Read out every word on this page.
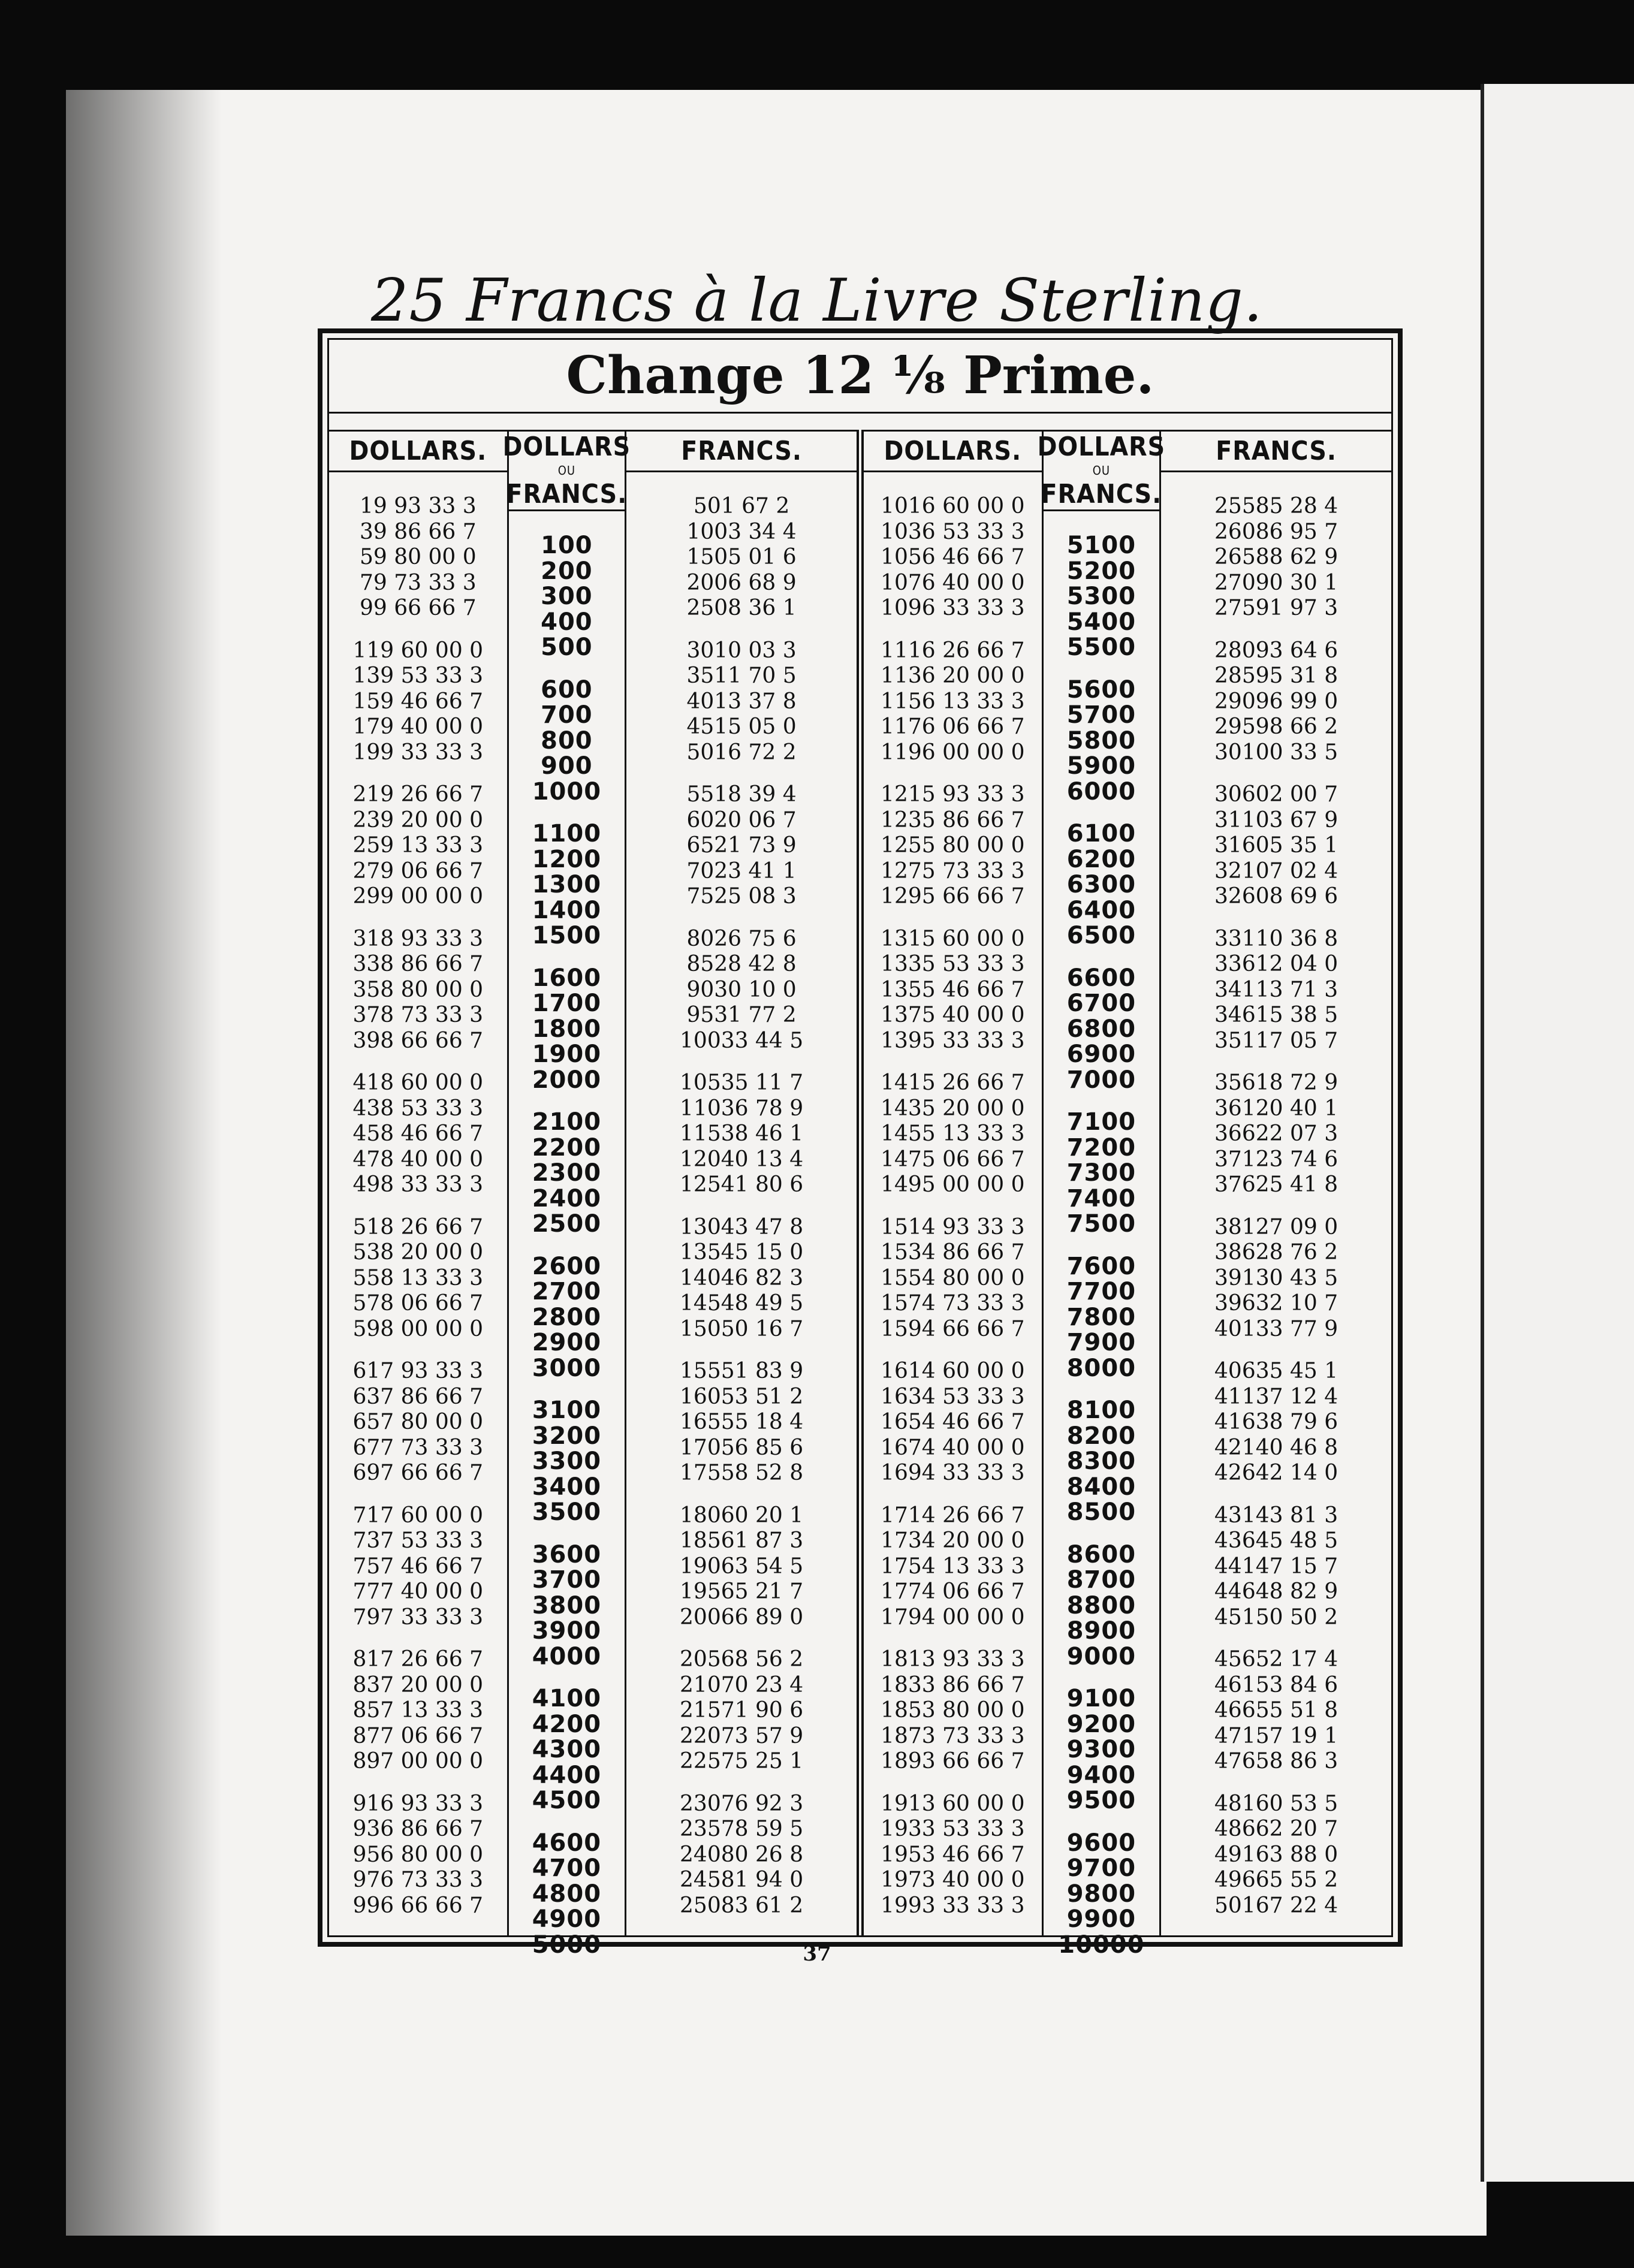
25 Francs à la Livre Sterling.
Change 12 ⅛ Prime.
DOLLARS.
19 93 33 3
39 86 66 7
59 80 00 0
79 73 33 3
99 66 66 7
119 60 00 0
139 53 33 3
159 46 66 7
179 40 00 0
199 33 33 3
219 26 66 7
239 20 00 0
259 13 33 3
279 06 66 7
299 00 00 0
318 93 33 3
338 86 66 7
358 80 00 0
378 73 33 3
398 66 66 7
418 60 00 0
438 53 33 3
458 46 66 7
478 40 00 0
498 33 33 3
518 26 66 7
538 20 00 0
558 13 33 3
578 06 66 7
598 00 00 0
617 93 33 3
637 86 66 7
657 80 00 0
677 73 33 3
697 66 66 7
717 60 00 0
737 53 33 3
757 46 66 7
777 40 00 0
797 33 33 3
817 26 66 7
837 20 00 0
857 13 33 3
877 06 66 7
897 00 00 0
916 93 33 3
936 86 66 7
956 80 00 0
976 73 33 3
996 66 66 7
DOLLARS
OU
FRANCS.
100
200
300
400
500
600
700
800
900
1000
1100
1200
1300
1400
1500
1600
1700
1800
1900
2000
2100
2200
2300
2400
2500
2600
2700
2800
2900
3000
3100
3200
3300
3400
3500
3600
3700
3800
3900
4000
4100
4200
4300
4400
4500
4600
4700
4800
4900
5000
FRANCS.
501 67 2
1003 34 4
1505 01 6
2006 68 9
2508 36 1
3010 03 3
3511 70 5
4013 37 8
4515 05 0
5016 72 2
5518 39 4
6020 06 7
6521 73 9
7023 41 1
7525 08 3
8026 75 6
8528 42 8
9030 10 0
9531 77 2
10033 44 5
10535 11 7
11036 78 9
11538 46 1
12040 13 4
12541 80 6
13043 47 8
13545 15 0
14046 82 3
14548 49 5
15050 16 7
15551 83 9
16053 51 2
16555 18 4
17056 85 6
17558 52 8
18060 20 1
18561 87 3
19063 54 5
19565 21 7
20066 89 0
20568 56 2
21070 23 4
21571 90 6
22073 57 9
22575 25 1
23076 92 3
23578 59 5
24080 26 8
24581 94 0
25083 61 2
DOLLARS.
1016 60 00 0
1036 53 33 3
1056 46 66 7
1076 40 00 0
1096 33 33 3
1116 26 66 7
1136 20 00 0
1156 13 33 3
1176 06 66 7
1196 00 00 0
1215 93 33 3
1235 86 66 7
1255 80 00 0
1275 73 33 3
1295 66 66 7
1315 60 00 0
1335 53 33 3
1355 46 66 7
1375 40 00 0
1395 33 33 3
1415 26 66 7
1435 20 00 0
1455 13 33 3
1475 06 66 7
1495 00 00 0
1514 93 33 3
1534 86 66 7
1554 80 00 0
1574 73 33 3
1594 66 66 7
1614 60 00 0
1634 53 33 3
1654 46 66 7
1674 40 00 0
1694 33 33 3
1714 26 66 7
1734 20 00 0
1754 13 33 3
1774 06 66 7
1794 00 00 0
1813 93 33 3
1833 86 66 7
1853 80 00 0
1873 73 33 3
1893 66 66 7
1913 60 00 0
1933 53 33 3
1953 46 66 7
1973 40 00 0
1993 33 33 3
DOLLARS
OU
FRANCS.
5100
5200
5300
5400
5500
5600
5700
5800
5900
6000
6100
6200
6300
6400
6500
6600
6700
6800
6900
7000
7100
7200
7300
7400
7500
7600
7700
7800
7900
8000
8100
8200
8300
8400
8500
8600
8700
8800
8900
9000
9100
9200
9300
9400
9500
9600
9700
9800
9900
10000
FRANCS.
25585 28 4
26086 95 7
26588 62 9
27090 30 1
27591 97 3
28093 64 6
28595 31 8
29096 99 0
29598 66 2
30100 33 5
30602 00 7
31103 67 9
31605 35 1
32107 02 4
32608 69 6
33110 36 8
33612 04 0
34113 71 3
34615 38 5
35117 05 7
35618 72 9
36120 40 1
36622 07 3
37123 74 6
37625 41 8
38127 09 0
38628 76 2
39130 43 5
39632 10 7
40133 77 9
40635 45 1
41137 12 4
41638 79 6
42140 46 8
42642 14 0
43143 81 3
43645 48 5
44147 15 7
44648 82 9
45150 50 2
45652 17 4
46153 84 6
46655 51 8
47157 19 1
47658 86 3
48160 53 5
48662 20 7
49163 88 0
49665 55 2
50167 22 4
37
